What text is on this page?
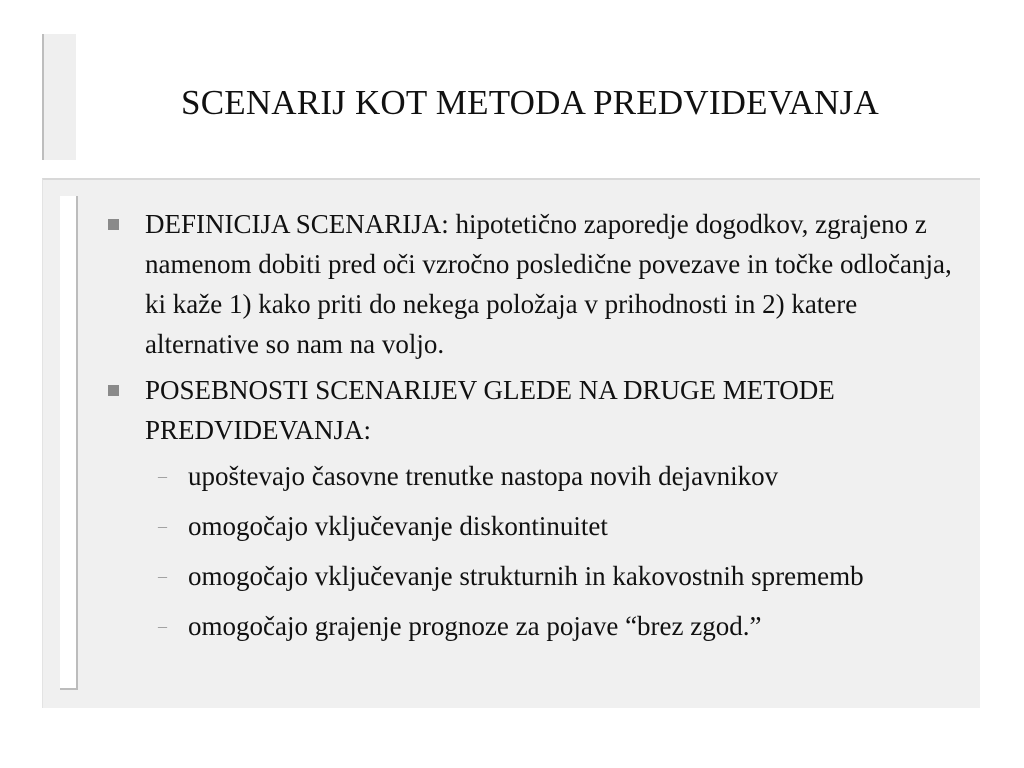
SCENARIJ KOT METODA PREDVIDEVANJA
DEFINICIJA SCENARIJA: hipotetično zaporedje dogodkov, zgrajeno z namenom dobiti pred oči vzročno posledične povezave in točke odločanja, ki kaže 1) kako priti do nekega položaja v prihodnosti in 2) katere alternative so nam na voljo.
POSEBNOSTI SCENARIJEV GLEDE NA DRUGE METODE PREDVIDEVANJA:
– upoštevajo časovne trenutke nastopa novih dejavnikov
– omogočajo vključevanje diskontinuitet
– omogočajo vključevanje strukturnih in kakovostnih sprememb
– omogočajo grajenje prognoze za pojave “brez zgod.”
